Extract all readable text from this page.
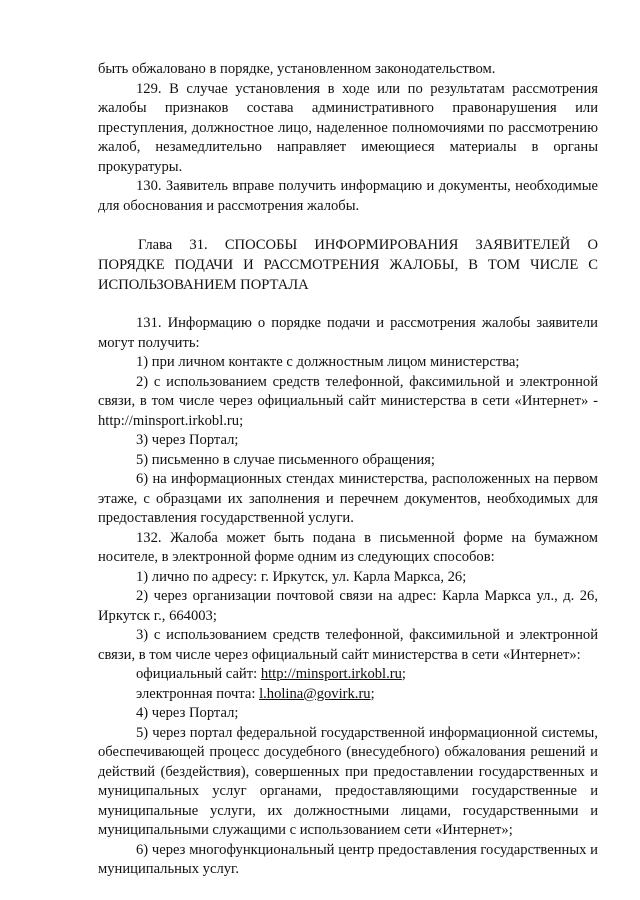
быть обжаловано в порядке, установленном законодательством.

129. В случае установления в ходе или по результатам рассмотрения жалобы признаков состава административного правонарушения или преступления, должностное лицо, наделенное полномочиями по рассмотрению жалоб, незамедлительно направляет имеющиеся материалы в органы прокуратуры.

130. Заявитель вправе получить информацию и документы, необходимые для обоснования и рассмотрения жалобы.

Глава 31. СПОСОБЫ ИНФОРМИРОВАНИЯ ЗАЯВИТЕЛЕЙ О ПОРЯДКЕ ПОДАЧИ И РАССМОТРЕНИЯ ЖАЛОБЫ, В ТОМ ЧИСЛЕ С ИСПОЛЬЗОВАНИЕМ ПОРТАЛА

131. Информацию о порядке подачи и рассмотрения жалобы заявители могут получить:

1) при личном контакте с должностным лицом министерства;

2) с использованием средств телефонной, факсимильной и электронной связи, в том числе через официальный сайт министерства в сети «Интернет» - http://minsport.irkobl.ru;

3) через Портал;

5) письменно в случае письменного обращения;

6) на информационных стендах министерства, расположенных на первом этаже, с образцами их заполнения и перечнем документов, необходимых для предоставления государственной услуги.

132. Жалоба может быть подана в письменной форме на бумажном носителе, в электронной форме одним из следующих способов:

1) лично по адресу: г. Иркутск, ул. Карла Маркса, 26;

2) через организации почтовой связи на адрес: Карла Маркса ул., д. 26, Иркутск г., 664003;

3) с использованием средств телефонной, факсимильной и электронной связи, в том числе через официальный сайт министерства в сети «Интернет»:

официальный сайт: http://minsport.irkobl.ru;

электронная почта: l.holina@govirk.ru;

4) через Портал;

5) через портал федеральной государственной информационной системы, обеспечивающей процесс досудебного (внесудебного) обжалования решений и действий (бездействия), совершенных при предоставлении государственных и муниципальных услуг органами, предоставляющими государственные и муниципальные услуги, их должностными лицами, государственными и муниципальными служащими с использованием сети «Интернет»;

6) через многофункциональный центр предоставления государственных и муниципальных услуг.
